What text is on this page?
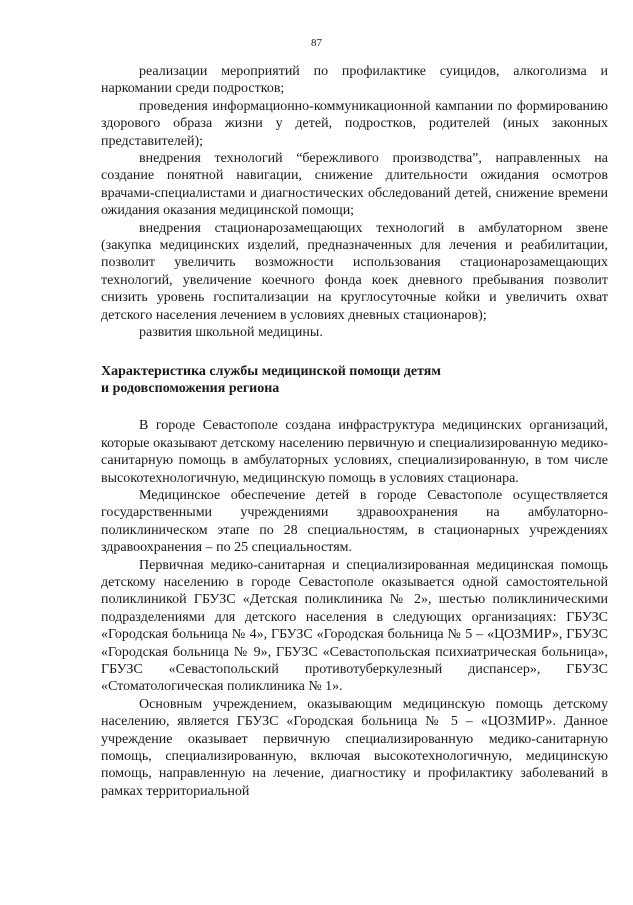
87

реализации мероприятий по профилактике суицидов, алкоголизма и наркомании среди подростков;

проведения информационно-коммуникационной кампании по формированию здорового образа жизни у детей, подростков, родителей (иных законных представителей);

внедрения технологий “бережливого производства”, направленных на создание понятной навигации, снижение длительности ожидания осмотров врачами-специалистами и диагностических обследований детей, снижение времени ожидания оказания медицинской помощи;

внедрения стационарозамещающих технологий в амбулаторном звене (закупка медицинских изделий, предназначенных для лечения и реабилитации, позволит увеличить возможности использования стационарозамещающих технологий, увеличение коечного фонда коек дневного пребывания позволит снизить уровень госпитализации на круглосуточные койки и увеличить охват детского населения лечением в условиях дневных стационаров);

развития школьной медицины.

Характеристика службы медицинской помощи детям

и родовспоможения региона

В городе Севастополе создана инфраструктура медицинских организаций, которые оказывают детскому населению первичную и специализированную медико-санитарную помощь в амбулаторных условиях, специализированную, в том числе высокотехнологичную, медицинскую помощь в условиях стационара.

Медицинское обеспечение детей в городе Севастополе осуществляется государственными учреждениями здравоохранения на амбулаторно-поликлиническом этапе по 28 специальностям, в стационарных учреждениях здравоохранения – по 25 специальностям.

Первичная медико-санитарная и специализированная медицинская помощь детскому населению в городе Севастополе оказывается одной самостоятельной поликлиникой ГБУЗС «Детская поликлиника № 2», шестью поликлиническими подразделениями для детского населения в следующих организациях: ГБУЗС «Городская больница № 4», ГБУЗС «Городская больница № 5 – «ЦОЗМИР», ГБУЗС «Городская больница № 9», ГБУЗС «Севастопольская психиатрическая больница», ГБУЗС «Севастопольский противотуберкулезный диспансер», ГБУЗС «Стоматологическая поликлиника № 1».

Основным учреждением, оказывающим медицинскую помощь детскому населению, является ГБУЗС «Городская больница № 5 – «ЦОЗМИР». Данное учреждение оказывает первичную специализированную медико-санитарную помощь, специализированную, включая высокотехнологичную, медицинскую помощь, направленную на лечение, диагностику и профилактику заболеваний в рамках территориальной
